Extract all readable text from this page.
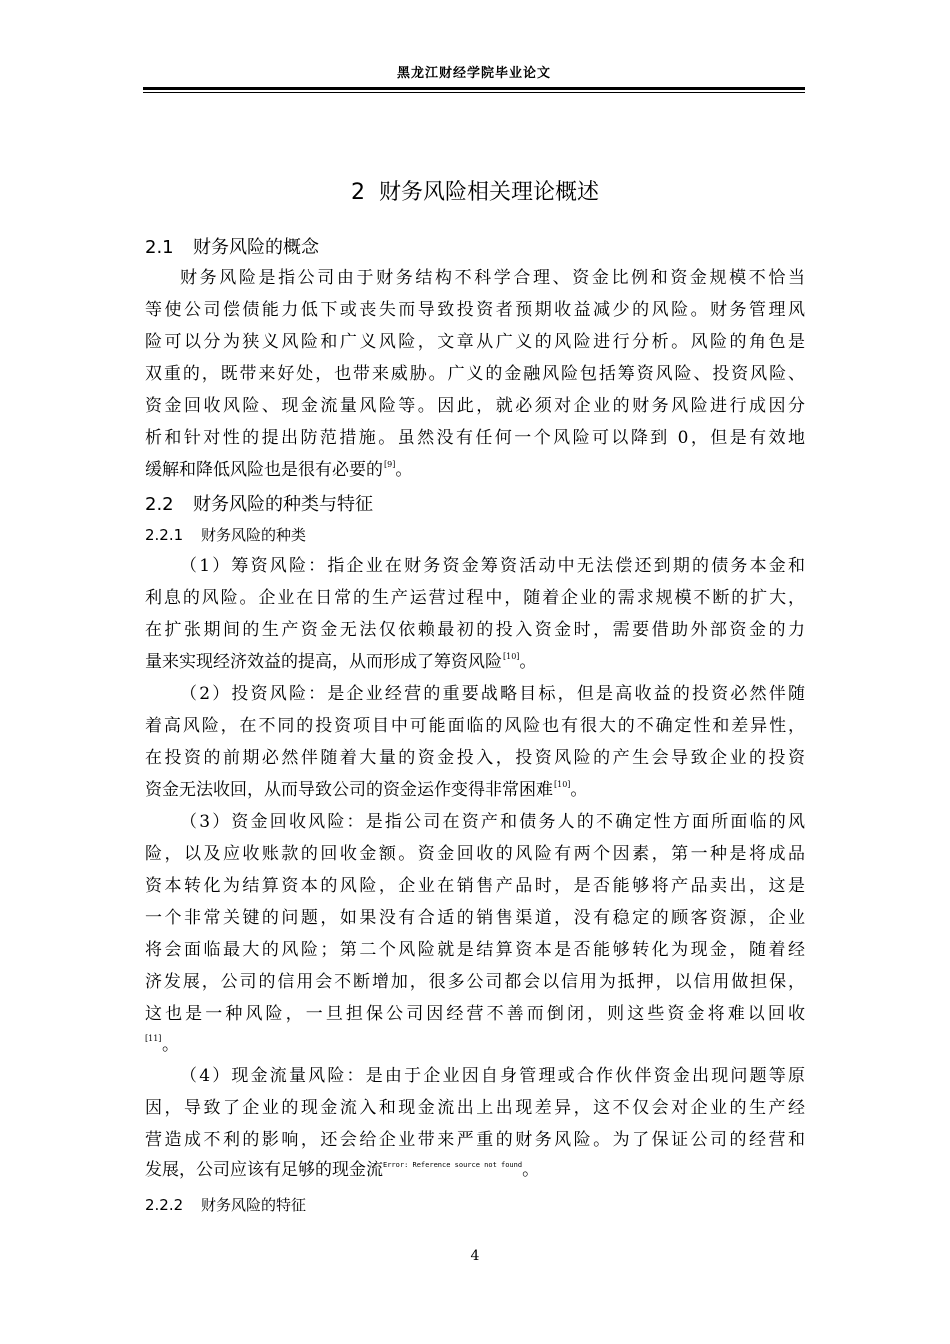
黑龙江财经学院毕业论文
2 财务风险相关理论概述
2.1 财务风险的概念
财务风险是指公司由于财务结构不科学合理、资金比例和资金规模不恰当
等使公司偿债能力低下或丧失而导致投资者预期收益减少的风险。财务管理风
险可以分为狭义风险和广义风险，文章从广义的风险进行分析。风险的角色是
双重的，既带来好处，也带来威胁。广义的金融风险包括筹资风险、投资风险、
资金回收风险、现金流量风险等。因此，就必须对企业的财务风险进行成因分
析和针对性的提出防范措施。虽然没有任何一个风险可以降到 0，但是有效地
缓解和降低风险也是很有必要的[9]。
2.2 财务风险的种类与特征
2.2.1 财务风险的种类
（1）筹资风险：指企业在财务资金筹资活动中无法偿还到期的债务本金和
利息的风险。企业在日常的生产运营过程中，随着企业的需求规模不断的扩大，
在扩张期间的生产资金无法仅依赖最初的投入资金时，需要借助外部资金的力
量来实现经济效益的提高，从而形成了筹资风险[10]。
（2）投资风险：是企业经营的重要战略目标，但是高收益的投资必然伴随
着高风险，在不同的投资项目中可能面临的风险也有很大的不确定性和差异性，
在投资的前期必然伴随着大量的资金投入，投资风险的产生会导致企业的投资
资金无法收回，从而导致公司的资金运作变得非常困难[10]。
（3）资金回收风险：是指公司在资产和债务人的不确定性方面所面临的风
险，以及应收账款的回收金额。资金回收的风险有两个因素，第一种是将成品
资本转化为结算资本的风险，企业在销售产品时，是否能够将产品卖出，这是
一个非常关键的问题，如果没有合适的销售渠道，没有稳定的顾客资源，企业
将会面临最大的风险；第二个风险就是结算资本是否能够转化为现金，随着经
济发展，公司的信用会不断增加，很多公司都会以信用为抵押，以信用做担保，
这也是一种风险，一旦担保公司因经营不善而倒闭，则这些资金将难以回收
[11] 。
（4）现金流量风险：是由于企业因自身管理或合作伙伴资金出现问题等原
因，导致了企业的现金流入和现金流出上出现差异，这不仅会对企业的生产经
营造成不利的影响，还会给企业带来严重的财务风险。为了保证公司的经营和
发展，公司应该有足够的现金流$^{Error: Reference source not found}$。
2.2.2 财务风险的特征
4
